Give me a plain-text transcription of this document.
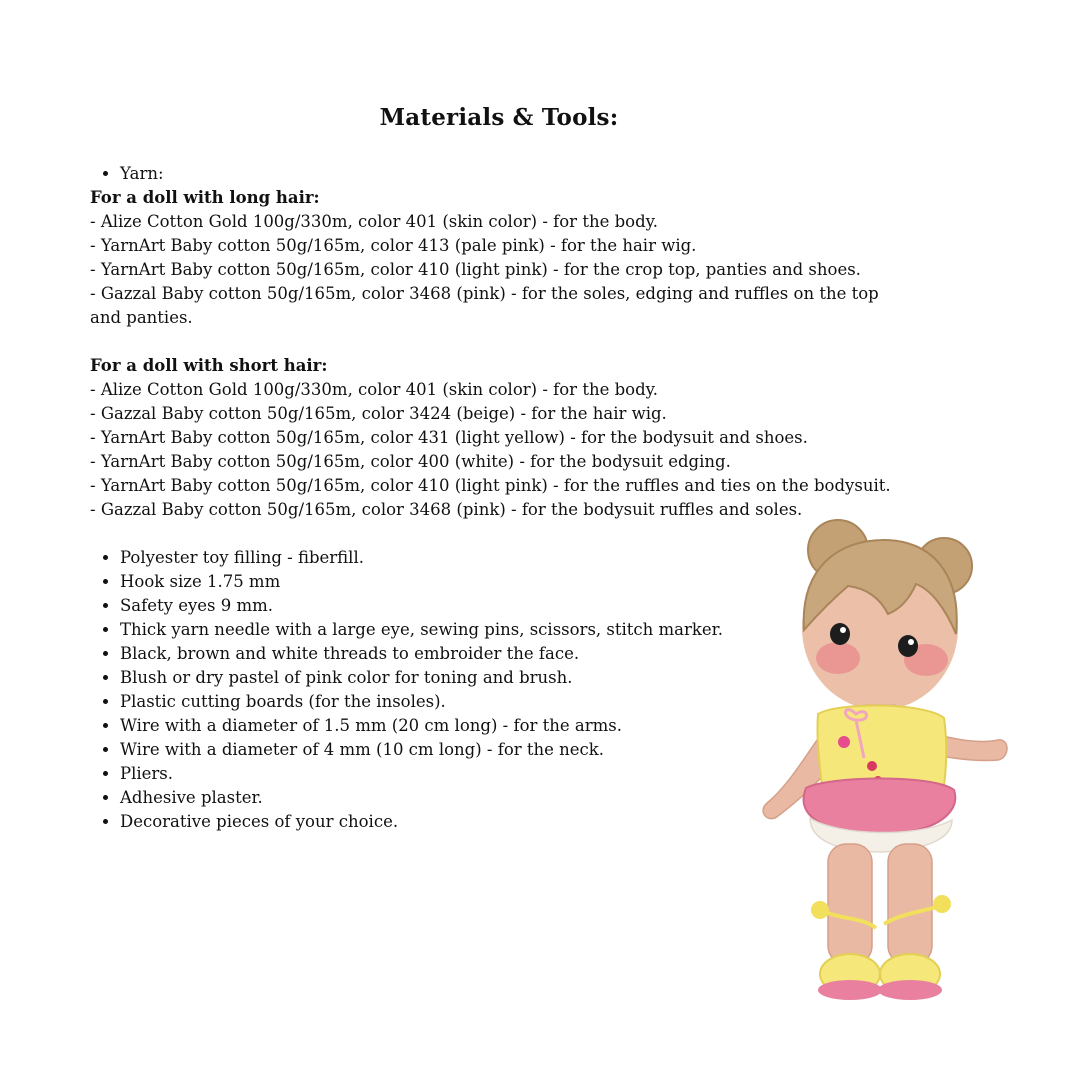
Materials & Tools:
• Yarn:
For a doll with long hair:
- Alize Cotton Gold 100g/330m, color 401 (skin color) - for the body.
- YarnArt Baby cotton 50g/165m, color 413 (pale pink) - for the hair wig.
- YarnArt Baby cotton 50g/165m, color 410 (light pink) - for the crop top, panties and shoes.
- Gazzal Baby cotton 50g/165m, color 3468 (pink) - for the soles, edging and ruffles on the top and panties.
For a doll with short hair:
- Alize Cotton Gold 100g/330m, color 401 (skin color) - for the body.
- Gazzal Baby cotton 50g/165m, color 3424 (beige) - for the hair wig.
- YarnArt Baby cotton 50g/165m, color 431 (light yellow) - for the bodysuit and shoes.
- YarnArt Baby cotton 50g/165m, color 400 (white) - for the bodysuit edging.
- YarnArt Baby cotton 50g/165m, color 410 (light pink) - for the ruffles and ties on the bodysuit.
- Gazzal Baby cotton 50g/165m, color 3468 (pink) - for the bodysuit ruffles and soles.
• Polyester toy filling - fiberfill.
• Hook size 1.75 mm
• Safety eyes 9 mm.
• Thick yarn needle with a large eye, sewing pins, scissors, stitch marker.
• Black, brown and white threads to embroider the face.
• Blush or dry pastel of pink color for toning and brush.
• Plastic cutting boards (for the insoles).
• Wire with a diameter of 1.5 mm (20 cm long) - for the arms.
• Wire with a diameter of 4 mm (10 cm long) - for the neck.
• Pliers.
• Adhesive plaster.
• Decorative pieces of your choice.
